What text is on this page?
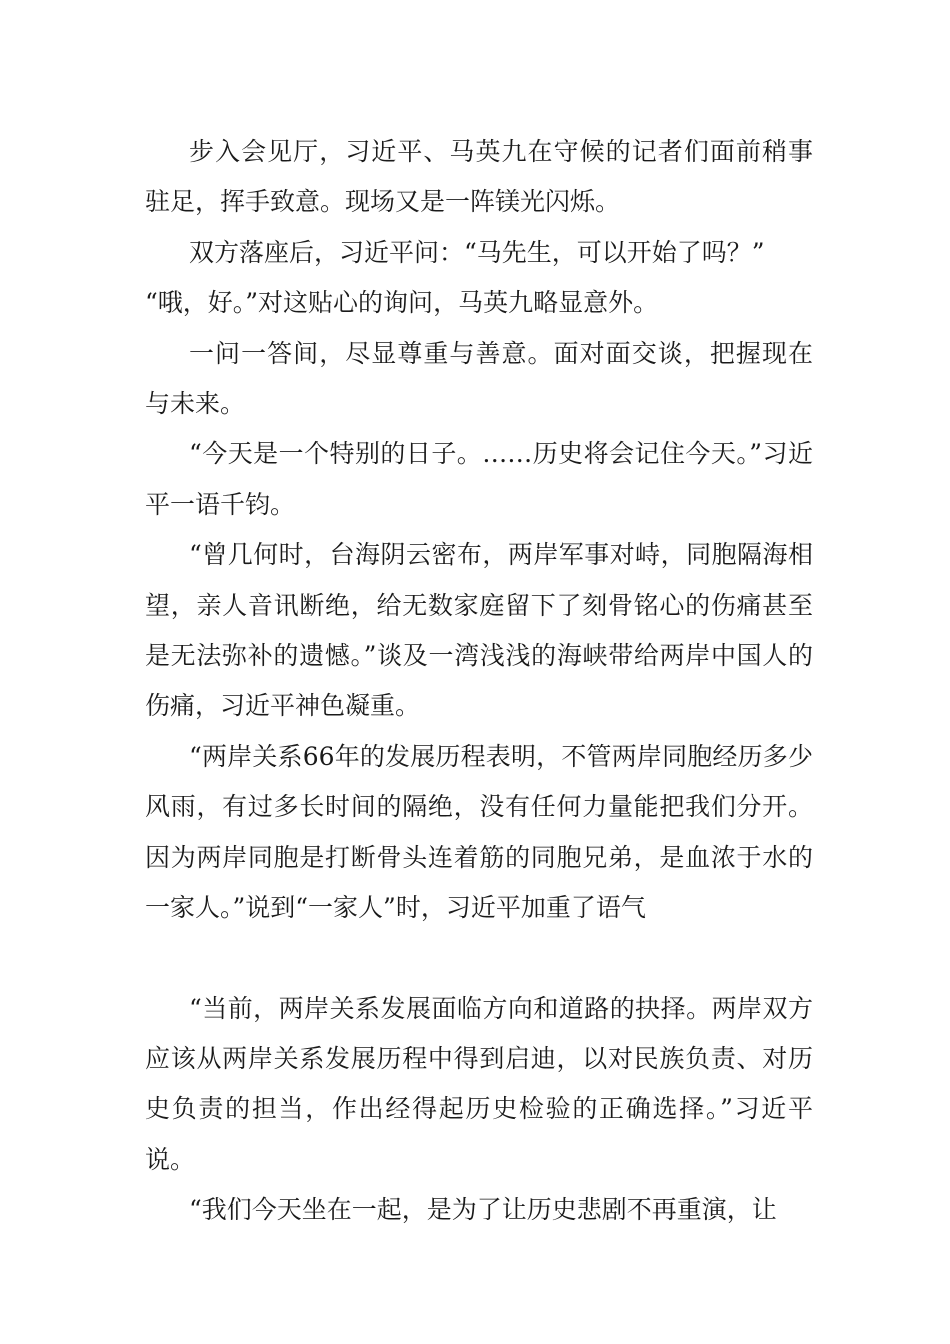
步入会见厅，习近平、马英九在守候的记者们面前稍事驻足，挥手致意。现场又是一阵镁光闪烁。

双方落座后，习近平问：“马先生，可以开始了吗？”

“哦，好。”对这贴心的询问，马英九略显意外。

一问一答间，尽显尊重与善意。面对面交谈，把握现在与未来。

“今天是一个特别的日子。……历史将会记住今天。”习近平一语千钧。

“曾几何时，台海阴云密布，两岸军事对峙，同胞隔海相望，亲人音讯断绝，给无数家庭留下了刻骨铭心的伤痛甚至是无法弥补的遗憾。”谈及一湾浅浅的海峡带给两岸中国人的伤痛，习近平神色凝重。

“两岸关系66年的发展历程表明，不管两岸同胞经历多少风雨，有过多长时间的隔绝，没有任何力量能把我们分开。因为两岸同胞是打断骨头连着筋的同胞兄弟，是血浓于水的一家人。”说到“一家人”时，习近平加重了语气

“当前，两岸关系发展面临方向和道路的抉择。两岸双方应该从两岸关系发展历程中得到启迪，以对民族负责、对历史负责的担当，作出经得起历史检验的正确选择。”习近平说。

“我们今天坐在一起，是为了让历史悲剧不再重演，让
